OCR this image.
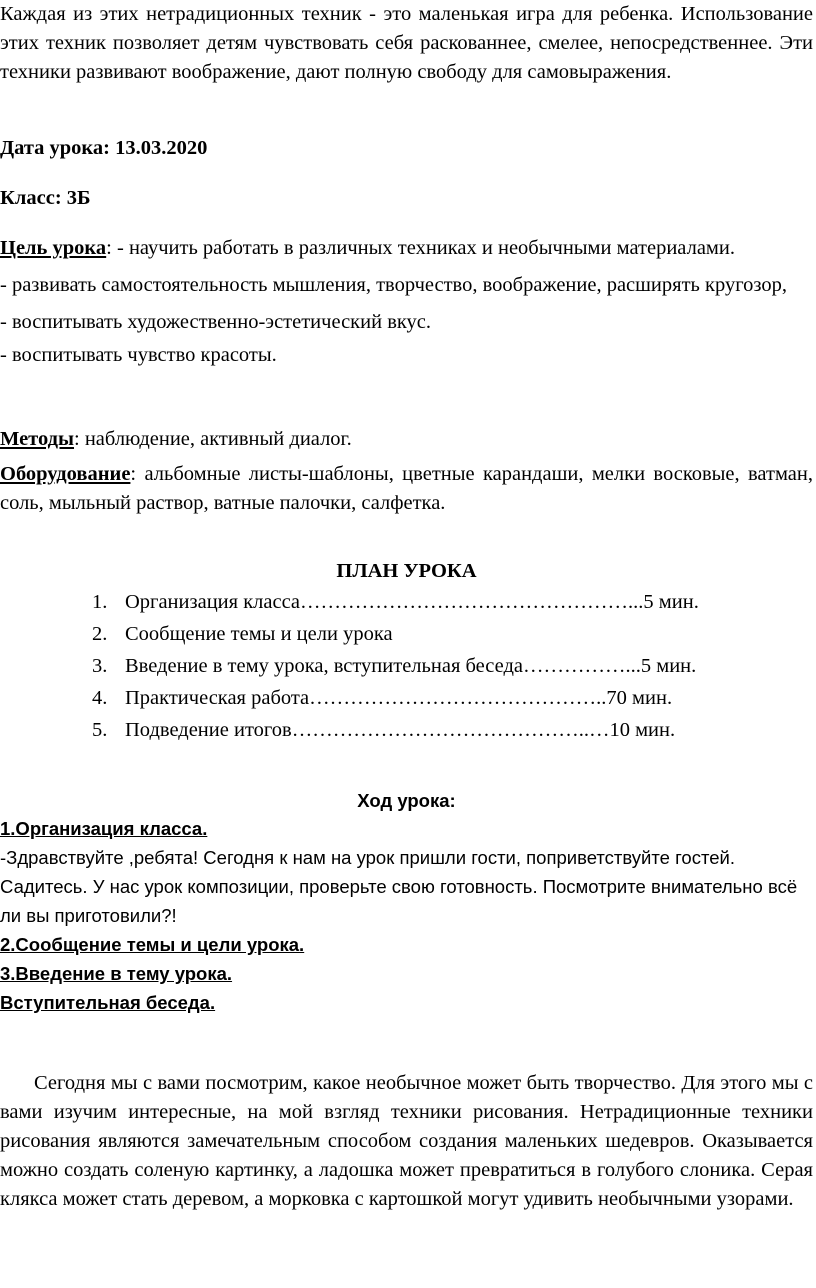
Каждая из этих нетрадиционных техник - это маленькая игра для ребенка. Использование этих техник позволяет детям чувствовать себя раскованнее, смелее, непосредственнее. Эти техники развивают воображение, дают полную свободу для самовыражения.

Дата урока: 13.03.2020

Класс: 3Б

Цель урока: - научить работать в различных техниках и необычными материалами.
- развивать самостоятельность мышления, творчество, воображение, расширять кругозор,
- воспитывать художественно-эстетический вкус.
- воспитывать чувство красоты.
Методы: наблюдение, активный диалог.
Оборудование: альбомные листы-шаблоны, цветные карандаши, мелки восковые, ватман, соль, мыльный раствор, ватные палочки, салфетка.
ПЛАН УРОКА
1. Организация класса…………………………………………...5 мин.
2. Сообщение темы и цели урока
3. Введение в тему урока, вступительная беседа……………...5 мин.
4. Практическая работа……………………………………..70 мин.
5. Подведение итогов……………………………………..…10 мин.
Ход урока:
1.Организация класса.
-Здравствуйте ,ребята! Сегодня к нам на урок пришли гости, поприветствуйте гостей. Садитесь. У нас урок композиции, проверьте свою готовность. Посмотрите внимательно всё ли вы приготовили?!
2.Сообщение темы и цели урока.
3.Введение в тему урока.
Вступительная беседа.

Сегодня мы с вами посмотрим, какое необычное может быть творчество. Для этого мы с вами изучим интересные, на мой взгляд техники рисования. Нетрадиционные техники рисования являются замечательным способом создания маленьких шедевров. Оказывается можно создать соленую картинку, а ладошка может превратиться в голубого слоника. Серая клякса может стать деревом, а морковка с картошкой могут удивить необычными узорами.
